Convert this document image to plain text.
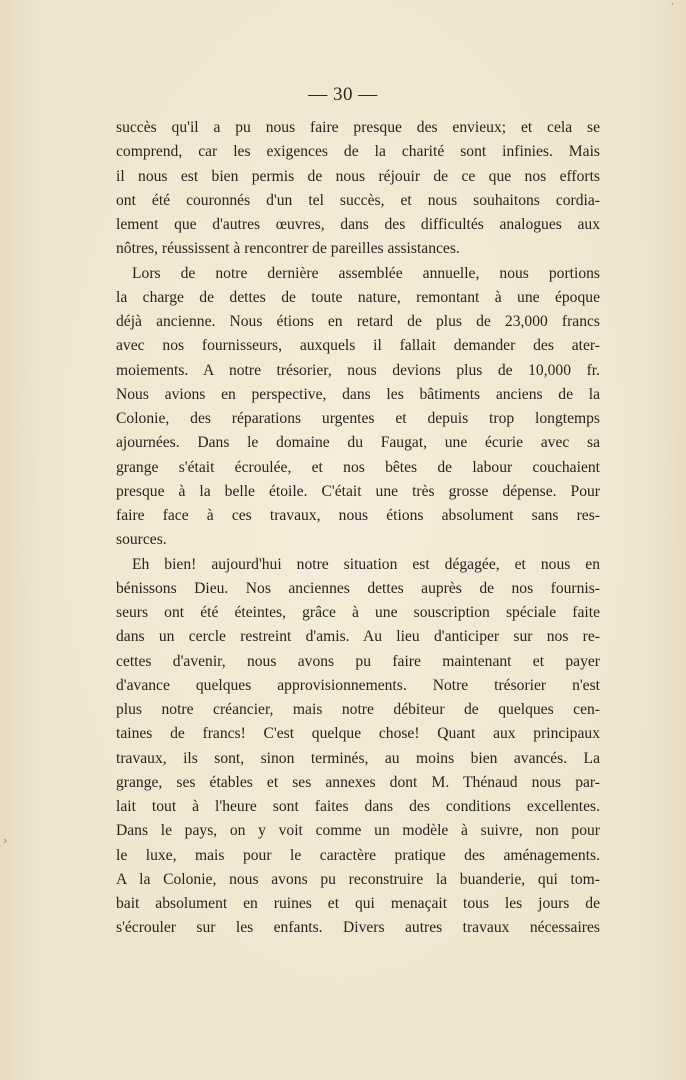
ʼ
— 30 —

succès qu'il a pu nous faire presque des envieux; et cela se
comprend, car les exigences de la charité sont infinies. Mais
il nous est bien permis de nous réjouir de ce que nos efforts
ont été couronnés d'un tel succès, et nous souhaitons cordia-
lement que d'autres œuvres, dans des difficultés analogues aux
nôtres, réussissent à rencontrer de pareilles assistances.

Lors de notre dernière assemblée annuelle, nous portions
la charge de dettes de toute nature, remontant à une époque
déjà ancienne. Nous étions en retard de plus de 23,000 francs
avec nos fournisseurs, auxquels il fallait demander des ater-
moiements. A notre trésorier, nous devions plus de 10,000 fr.
Nous avions en perspective, dans les bâtiments anciens de la
Colonie, des réparations urgentes et depuis trop longtemps
ajournées. Dans le domaine du Faugat, une écurie avec sa
grange s'était écroulée, et nos bêtes de labour couchaient
presque à la belle étoile. C'était une très grosse dépense. Pour
faire face à ces travaux, nous étions absolument sans res-
sources.

Eh bien! aujourd'hui notre situation est dégagée, et nous en
bénissons Dieu. Nos anciennes dettes auprès de nos fournis-
seurs ont été éteintes, grâce à une souscription spéciale faite
dans un cercle restreint d'amis. Au lieu d'anticiper sur nos re-
cettes d'avenir, nous avons pu faire maintenant et payer
d'avance quelques approvisionnements. Notre trésorier n'est
plus notre créancier, mais notre débiteur de quelques cen-
taines de francs! C'est quelque chose! Quant aux principaux
travaux, ils sont, sinon terminés, au moins bien avancés. La
grange, ses étables et ses annexes dont M. Thénaud nous par-
lait tout à l'heure sont faites dans des conditions excellentes.
Dans le pays, on y voit comme un modèle à suivre, non pour
le luxe, mais pour le caractère pratique des aménagements.
A la Colonie, nous avons pu reconstruire la buanderie, qui tom-
bait absolument en ruines et qui menaçait tous les jours de
s'écrouler sur les enfants. Divers autres travaux nécessaires

›
